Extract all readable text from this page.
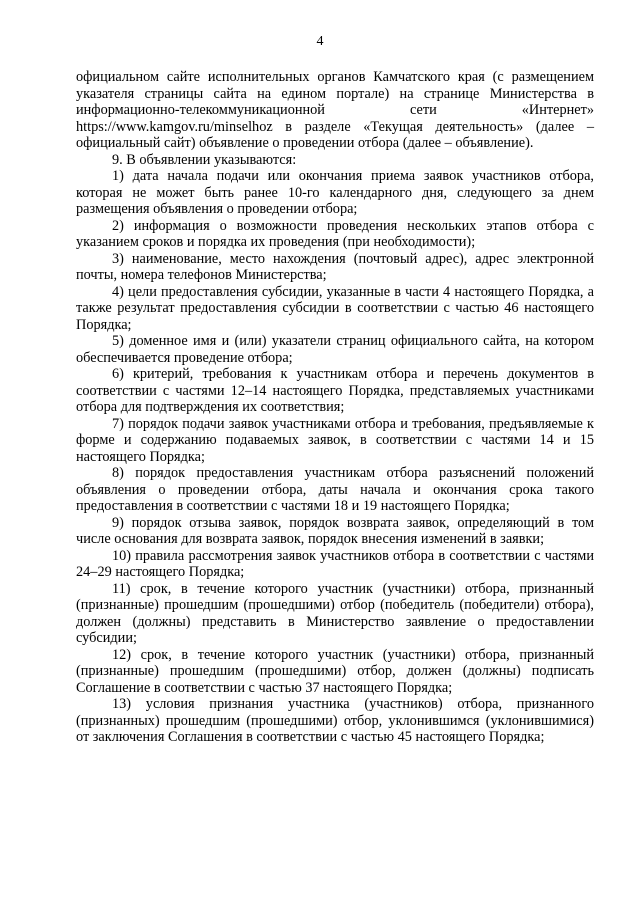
4

официальном сайте исполнительных органов Камчатского края (с размещением указателя страницы сайта на едином портале) на странице Министерства в информационно-телекоммуникационной сети «Интернет» https://www.kamgov.ru/minselhoz в разделе «Текущая деятельность» (далее – официальный сайт) объявление о проведении отбора (далее – объявление).

9. В объявлении указываются:

1) дата начала подачи или окончания приема заявок участников отбора, которая не может быть ранее 10-го календарного дня, следующего за днем размещения объявления о проведении отбора;

2) информация о возможности проведения нескольких этапов отбора с указанием сроков и порядка их проведения (при необходимости);

3) наименование, место нахождения (почтовый адрес), адрес электронной почты, номера телефонов Министерства;

4) цели предоставления субсидии, указанные в части 4 настоящего Порядка, а также результат предоставления субсидии в соответствии с частью 46 настоящего Порядка;

5) доменное имя и (или) указатели страниц официального сайта, на котором обеспечивается проведение отбора;

6) критерий, требования к участникам отбора и перечень документов в соответствии с частями 12–14 настоящего Порядка, представляемых участниками отбора для подтверждения их соответствия;

7) порядок подачи заявок участниками отбора и требования, предъявляемые к форме и содержанию подаваемых заявок, в соответствии с частями 14 и 15 настоящего Порядка;

8) порядок предоставления участникам отбора разъяснений положений объявления о проведении отбора, даты начала и окончания срока такого предоставления в соответствии с частями 18 и 19 настоящего Порядка;

9) порядок отзыва заявок, порядок возврата заявок, определяющий в том числе основания для возврата заявок, порядок внесения изменений в заявки;

10) правила рассмотрения заявок участников отбора в соответствии с частями 24–29 настоящего Порядка;

11) срок, в течение которого участник (участники) отбора, признанный (признанные) прошедшим (прошедшими) отбор (победитель (победители) отбора), должен (должны) представить в Министерство заявление о предоставлении субсидии;

12) срок, в течение которого участник (участники) отбора, признанный (признанные) прошедшим (прошедшими) отбор, должен (должны) подписать Соглашение в соответствии с частью 37 настоящего Порядка;

13) условия признания участника (участников) отбора, признанного (признанных) прошедшим (прошедшими) отбор, уклонившимся (уклонившимися) от заключения Соглашения в соответствии с частью 45 настоящего Порядка;
